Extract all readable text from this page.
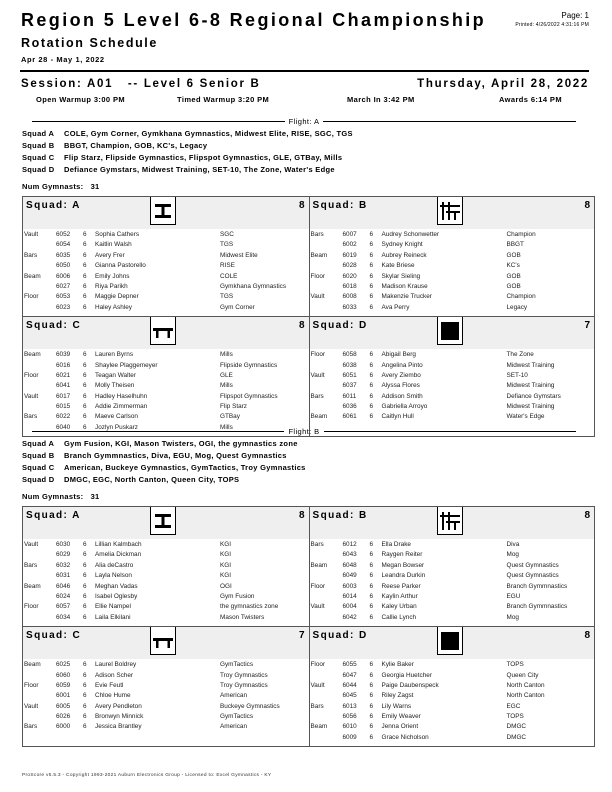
Region 5 Level 6-8 Regional Championship	Page: 1
Printed: 4/26/2022 4:31:16 PM
Rotation Schedule
Apr 28 - May 1, 2022
Session: A01   -- Level 6 Senior B	Thursday, April 28, 2022
Open Warmup 3:00 PM	Timed Warmup 3:20 PM	March In 3:42 PM	Awards 6:14 PM
Flight: A
Squad A COLE, Gym Corner, Gymkhana Gymnastics, Midwest Elite, RISE, SGC, TGS
Squad B BBGT, Champion, GOB, KC's, Legacy
Squad C Flip Starz, Flipside Gymnastics, Flipspot Gymnastics, GLE, GTBay, Mills
Squad D Defiance Gymstars, Midwest Training, SET-10, The Zone, Water's Edge
Num Gymnasts: 31
Squad: A	8
Vault	6052 6 Sophia Cathers	SGC
6054 6 Kaitlin Walsh	TGS
Bars	6035 6 Avery Frer	Midwest Elite
6050 6 Gianna Pastorello	RISE
Beam 6006 6 Emily Johns	COLE
6027 6 Riya Parikh	Gymkhana Gymnastics
Floor	6053 6 Maggie Depner	TGS
6023 6 Haley Ashley	Gym Corner
Squad: B	8
Bars	6007 6 Audrey Schonwetter	Champion
6002 6 Sydney Knight	BBGT
Beam 6019 6 Aubrey Reineck	GOB
6028 6 Kate Briese	KC's
Floor	6020 6 Skylar Sieling	GOB
6018 6 Madison Krause	GOB
Vault	6008 6 Makenzie Trucker	Champion
6033 6 Ava Perry	Legacy
Squad: C	8
Beam 6039 6 Lauren Byrns	Mills
6016 6 Shaylee Plaggemeyer	Flipside Gymnastics
Floor	6021 6 Teagan Walter	GLE
6041 6 Molly Theisen	Mills
Vault	6017 6 Hadley Haselhuhn	Flipspot Gymnastics
6015 6 Addie Zimmerman	Flip Starz
Bars	6022 6 Maeve Carlson	GTBay
6040 6 Jozlyn Puskarz	Mills
Squad: D	7
Floor	6058 6 Abigail Berg	The Zone
6038 6 Angelina Pinto	Midwest Training
Vault	6051 6 Avery Ziembo	SET-10
6037 6 Alyssa Flores	Midwest Training
Bars	6011 6 Addison Smith	Defiance Gymstars
6036 6 Gabriella Arroyo	Midwest Training
Beam 6061 6 Caitlyn Hull	Water's Edge
Flight: B
Squad A Gym Fusion, KGI, Mason Twisters, OGI, the gymnastics zone
Squad B Branch Gymmnastics, Diva, EGU, Mog, Quest Gymnastics
Squad C American, Buckeye Gymnastics, GymTactics, Troy Gymnastics
Squad D DMGC, EGC, North Canton, Queen City, TOPS
Num Gymnasts: 31
Squad: A	8
Vault	6030 6 Lillian Kalmbach	KGI
6029 6 Amelia Dickman	KGI
Bars	6032 6 Alia deCastro	KGI
6031 6 Layla Nelson	KGI
Beam 6046 6 Meghan Vadas	OGI
6024 6 Isabel Oglesby	Gym Fusion
Floor	6057 6 Ellie Nampel	the gymnastics zone
6034 6 Laila Elkilani	Mason Twisters
Squad: B	8
Bars	6012 6 Ella Drake	Diva
6043 6 Raygen Reiter	Mog
Beam 6048 6 Megan Bowser	Quest Gymnastics
6049 6 Leandra Durkin	Quest Gymnastics
Floor	6003 6 Reese Parker	Branch Gymmnastics
6014 6 Kaylin Arthur	EGU
Vault	6004 6 Kaley Urban	Branch Gymmnastics
6042 6 Callie Lynch	Mog
Squad: C	7
Beam 6025 6 Laurel Boldrey	GymTactics
6060 6 Adison Scher	Troy Gymnastics
Floor	6059 6 Evie Feutl	Troy Gymnastics
6001 6 Chloe Hume	American
Vault	6005 6 Avery Pendleton	Buckeye Gymnastics
6026 6 Bronwyn Minnick	GymTactics
Bars	6000 6 Jessica Brantley	American
Squad: D	8
Floor	6055 6 Kylie Baker	TOPS
6047 6 Georgia Huetcher	Queen City
Vault	6044 6 Paige Daubenspeck	North Canton
6045 6 Riley Zagst	North Canton
Bars	6013 6 Lily Warns	EGC
6056 6 Emily Weaver	TOPS
Beam 6010 6 Jenna Orient	DMGC
6009 6 Grace Nicholson	DMGC
ProScore v5.5.3 - Copyright 1993-2021 Auburn Electronics Group - Licensed to: Excel Gymnastics - KY
